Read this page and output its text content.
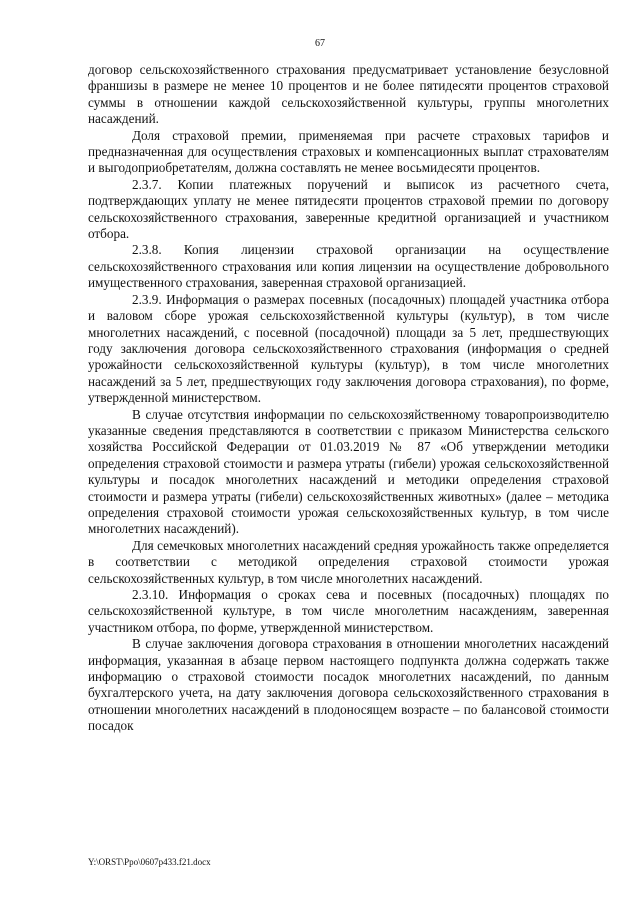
67

договор сельскохозяйственного страхования предусматривает установление безусловной франшизы в размере не менее 10 процентов и не более пятидесяти процентов страховой суммы в отношении каждой сельскохозяйственной культуры, группы многолетних насаждений.

Доля страховой премии, применяемая при расчете страховых тарифов и предназначенная для осуществления страховых и компенсационных выплат страхователям и выгодоприобретателям, должна составлять не менее восьмидесяти процентов.

2.3.7. Копии платежных поручений и выписок из расчетного счета, подтверждающих уплату не менее пятидесяти процентов страховой премии по договору сельскохозяйственного страхования, заверенные кредитной организацией и участником отбора.

2.3.8. Копия лицензии страховой организации на осуществление сельскохозяйственного страхования или копия лицензии на осуществление добровольного имущественного страхования, заверенная страховой организацией.

2.3.9. Информация о размерах посевных (посадочных) площадей участника отбора и валовом сборе урожая сельскохозяйственной культуры (культур), в том числе многолетних насаждений, с посевной (посадочной) площади за 5 лет, предшествующих году заключения договора сельскохозяйственного страхования (информация о средней урожайности сельскохозяйственной культуры (культур), в том числе многолетних насаждений за 5 лет, предшествующих году заключения договора страхования), по форме, утвержденной министерством.

В случае отсутствия информации по сельскохозяйственному товаропроизводителю указанные сведения представляются в соответствии с приказом Министерства сельского хозяйства Российской Федерации от 01.03.2019 № 87 «Об утверждении методики определения страховой стоимости и размера утраты (гибели) урожая сельскохозяйственной культуры и посадок многолетних насаждений и методики определения страховой стоимости и размера утраты (гибели) сельскохозяйственных животных» (далее – методика определения страховой стоимости урожая сельскохозяйственных культур, в том числе многолетних насаждений).

Для семечковых многолетних насаждений средняя урожайность также определяется в соответствии с методикой определения страховой стоимости урожая сельскохозяйственных культур, в том числе многолетних насаждений.

2.3.10. Информация о сроках сева и посевных (посадочных) площадях по сельскохозяйственной культуре, в том числе многолетним насаждениям, заверенная участником отбора, по форме, утвержденной министерством.

В случае заключения договора страхования в отношении многолетних насаждений информация, указанная в абзаце первом настоящего подпункта должна содержать также информацию о страховой стоимости посадок многолетних насаждений, по данным бухгалтерского учета, на дату заключения договора сельскохозяйственного страхования в отношении многолетних насаждений в плодоносящем возрасте – по балансовой стоимости посадок

Y:\ORST\Ppo\0607p433.f21.docx
